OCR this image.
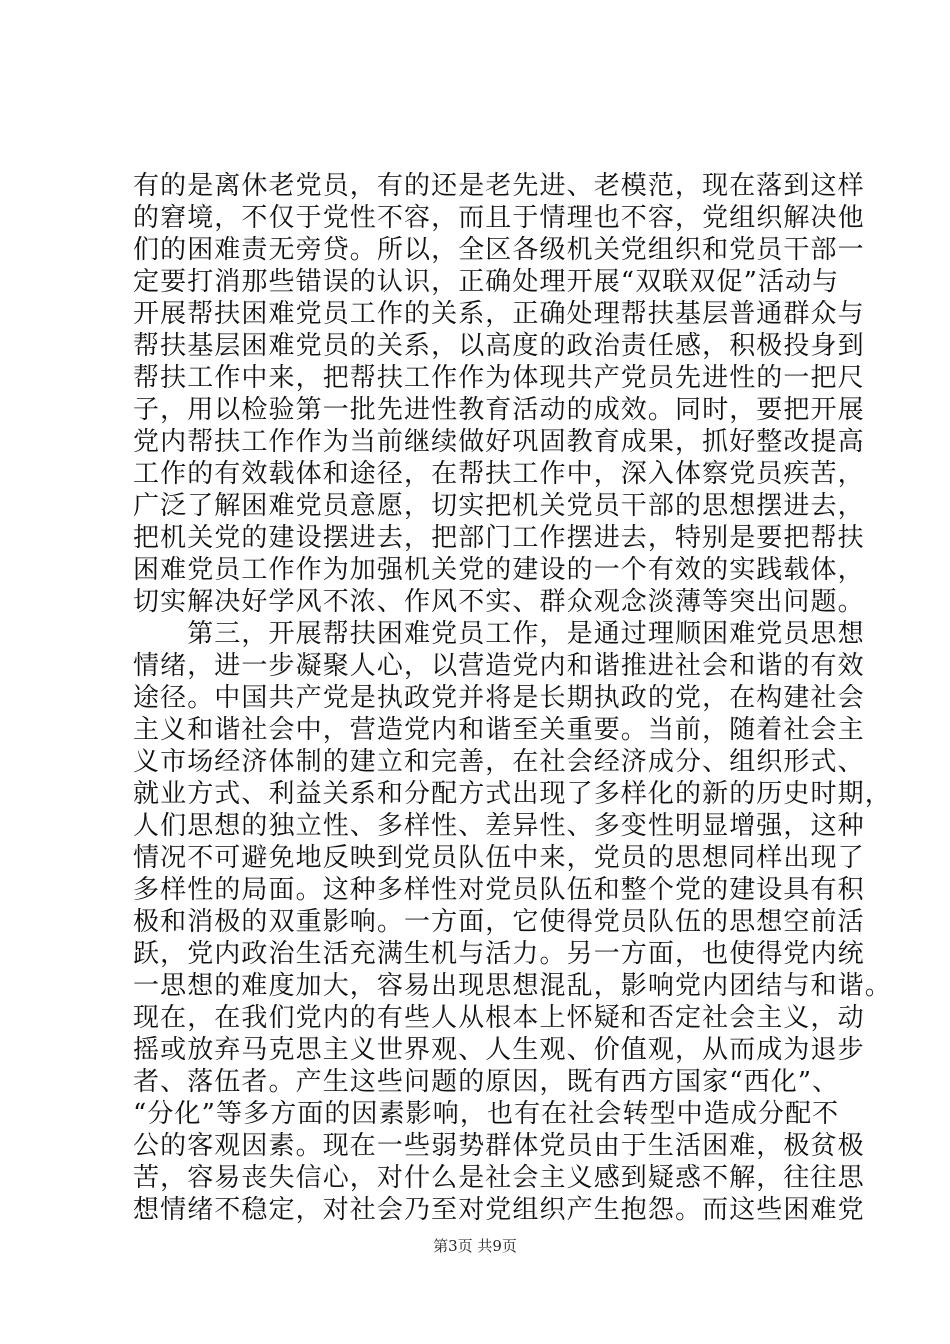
有的是离休老党员，有的还是老先进、老模范，现在落到这样
的窘境，不仅于党性不容，而且于情理也不容，党组织解决他
们的困难责无旁贷。所以，全区各级机关党组织和党员干部一
定要打消那些错误的认识，正确处理开展“双联双促”活动与
开展帮扶困难党员工作的关系，正确处理帮扶基层普通群众与
帮扶基层困难党员的关系，以高度的政治责任感，积极投身到
帮扶工作中来，把帮扶工作作为体现共产党员先进性的一把尺
子，用以检验第一批先进性教育活动的成效。同时，要把开展
党内帮扶工作作为当前继续做好巩固教育成果，抓好整改提高
工作的有效载体和途径，在帮扶工作中，深入体察党员疾苦，
广泛了解困难党员意愿，切实把机关党员干部的思想摆进去，
把机关党的建设摆进去，把部门工作摆进去，特别是要把帮扶
困难党员工作作为加强机关党的建设的一个有效的实践载体，
切实解决好学风不浓、作风不实、群众观念淡薄等突出问题。
　　第三，开展帮扶困难党员工作，是通过理顺困难党员思想
情绪，进一步凝聚人心，以营造党内和谐推进社会和谐的有效
途径。中国共产党是执政党并将是长期执政的党，在构建社会
主义和谐社会中，营造党内和谐至关重要。当前，随着社会主
义市场经济体制的建立和完善，在社会经济成分、组织形式、
就业方式、利益关系和分配方式出现了多样化的新的历史时期，
人们思想的独立性、多样性、差异性、多变性明显增强，这种
情况不可避免地反映到党员队伍中来，党员的思想同样出现了
多样性的局面。这种多样性对党员队伍和整个党的建设具有积
极和消极的双重影响。一方面，它使得党员队伍的思想空前活
跃，党内政治生活充满生机与活力。另一方面，也使得党内统
一思想的难度加大，容易出现思想混乱，影响党内团结与和谐。
现在，在我们党内的有些人从根本上怀疑和否定社会主义，动
摇或放弃马克思主义世界观、人生观、价值观，从而成为退步
者、落伍者。产生这些问题的原因，既有西方国家“西化”、
“分化”等多方面的因素影响，也有在社会转型中造成分配不
公的客观因素。现在一些弱势群体党员由于生活困难，极贫极
苦，容易丧失信心，对什么是社会主义感到疑惑不解，往往思
想情绪不稳定，对社会乃至对党组织产生抱怨。而这些困难党
第3页 共9页
